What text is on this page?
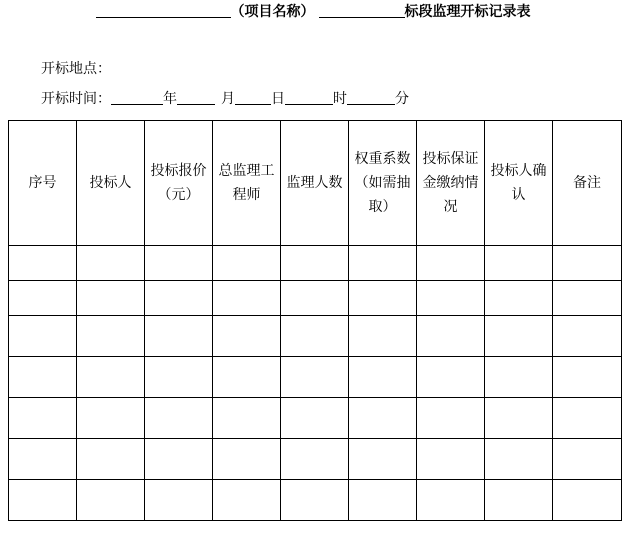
（项目名称）	标段监理开标记录表
开标地点：
开标时间：	年	月	日	时	分
序号	投标人	投标报价（元）	总监理工程师	监理人数	权重系数（如需抽取）	投标保证金缴纳情况	投标人确认	备注
